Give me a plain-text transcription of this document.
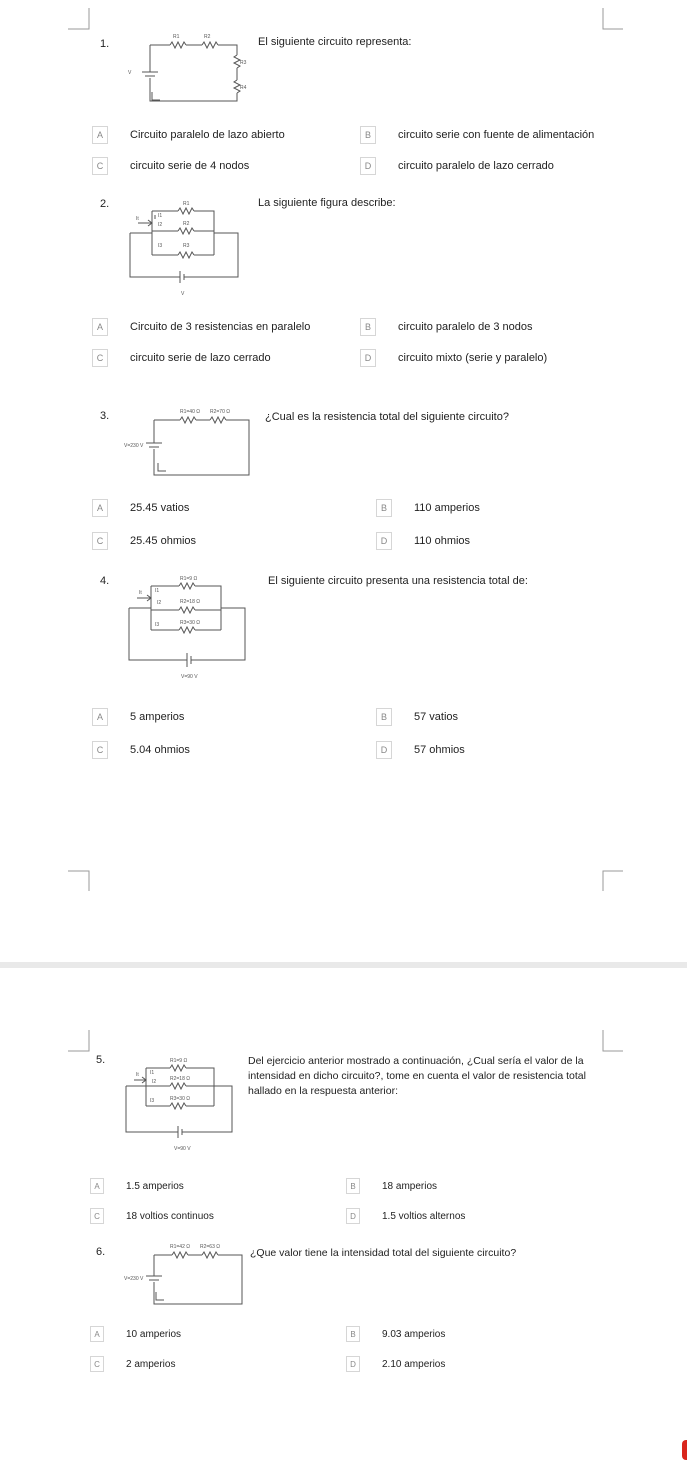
1.
R1	R2
R3
R4
V
El siguiente circuito representa:
A	Circuito paralelo de lazo abierto	B	circuito serie con fuente de alimentación
C	circuito serie de 4 nodos	D	circuito paralelo de lazo cerrado
2.	R1
R2
R3
It	I1
I2
I3
V
La siguiente figura describe:
A	Circuito de 3 resistencias en paralelo	B	circuito paralelo de 3 nodos
C	circuito serie de lazo cerrado	D	circuito mixto (serie y paralelo)
3.	R1=40 Ω R2=70 Ω
V=230 V
¿Cual es la resistencia total del siguiente circuito?
A	25.45 vatios	B	110 amperios
C	25.45 ohmios	D	110 ohmios
4.	R1=9 Ω
R2=18 Ω
R3=30 Ω
It	I1
I2
I3
V=90 V
El siguiente circuito presenta una resistencia total de:
A	5 amperios	B	57 vatios
C	5.04 ohmios	D	57 ohmios
5.	R1=9 Ω
R2=18 Ω
R3=30 Ω
It I1
I2
I3
V=90 V
Del ejercicio anterior mostrado a continuación, ¿Cual sería el valor de la intensidad en dicho circuito?, tome en cuenta el valor de resistencia total hallado en la respuesta anterior:
A	1.5 amperios	B	18 amperios
C	18 voltios continuos	D	1.5 voltios alternos
6.	R1=42 Ω R2=63 Ω
V=230 V
¿Que valor tiene la intensidad total del siguiente circuito?
A	10 amperios	B	9.03 amperios
C	2 amperios	D	2.10 amperios
